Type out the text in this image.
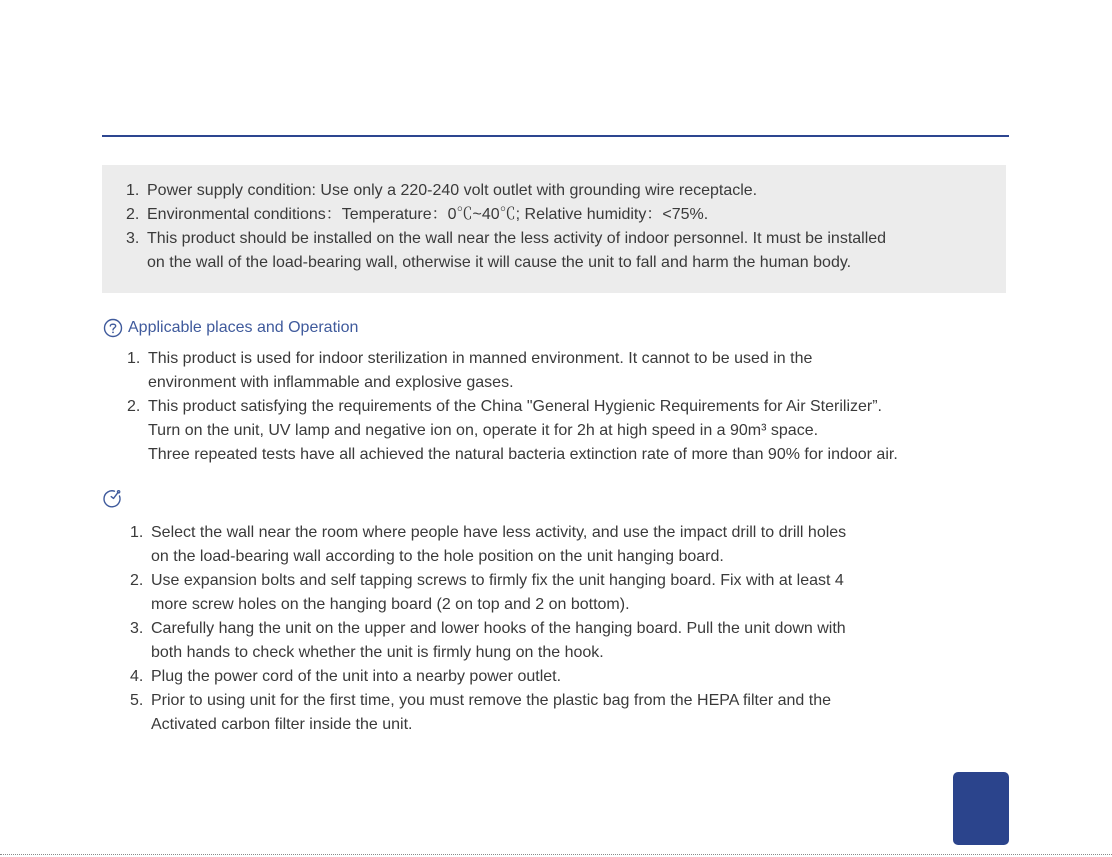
1. Power supply condition: Use only a 220-240 volt outlet with grounding wire receptacle.
2. Environmental conditions：Temperature：0℃~40℃; Relative humidity：<75%.
3. This product should be installed on the wall near the less activity of indoor personnel. It must be installed
on the wall of the load-bearing wall, otherwise it will cause the unit to fall and harm the human body.
Applicable places and Operation
1. This product is used for indoor sterilization in manned environment. It cannot to be used in the
environment with inflammable and explosive gases.
2. This product satisfying the requirements of the China "General Hygienic Requirements for Air Sterilizer”.
Turn on the unit, UV lamp and negative ion on, operate it for 2h at high speed in a 90m³ space.
Three repeated tests have all achieved the natural bacteria extinction rate of more than 90% for indoor air.
1. Select the wall near the room where people have less activity, and use the impact drill to drill holes
on the load-bearing wall according to the hole position on the unit hanging board.
2. Use expansion bolts and self tapping screws to firmly fix the unit hanging board. Fix with at least 4
more screw holes on the hanging board (2 on top and 2 on bottom).
3. Carefully hang the unit on the upper and lower hooks of the hanging board. Pull the unit down with
both hands to check whether the unit is firmly hung on the hook.
4. Plug the power cord of the unit into a nearby power outlet.
5. Prior to using unit for the first time, you must remove the plastic bag from the HEPA filter and the
Activated carbon filter inside the unit.
